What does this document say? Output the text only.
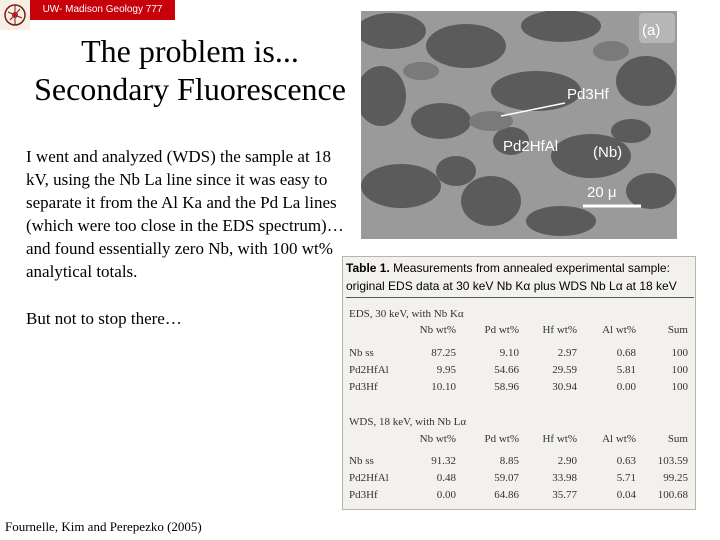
UW- Madison Geology 777
The problem is...
Secondary Fluorescence

I went and analyzed (WDS) the sample at 18 kV, using the Nb La line since it was easy to separate it from the Al Ka and the Pd La lines (which were too close in the EDS spectrum)…and found essentially zero Nb, with 100 wt% analytical totals.

But not to stop there…

Fournelle, Kim and Perepezko (2005)
(a)
Pd3Hf
Pd2HfAl (Nb)
20 μ
Table 1. Measurements from annealed experimental sample: original EDS data at 30 keV Nb Kα plus WDS Nb Lα at 18 keV
EDS, 30 keV, with Nb Kα
Nb wt%	Pd wt% Hf wt% Al wt%	Sum
Nb ss	87.25	9.10	2.97	0.68	100
Pd2HfAl	9.95	54.66	29.59	5.81	100
Pd3Hf	10.10	58.96	30.94	0.00	100
WDS, 18 keV, with Nb Lα
Nb wt%	Pd wt% Hf wt% Al wt%	Sum
Nb ss	91.32	8.85	2.90	0.63 103.59
Pd2HfAl	0.48	59.07	33.98	5.71 99.25
Pd3Hf	0.00	64.86	35.77	0.04 100.68
